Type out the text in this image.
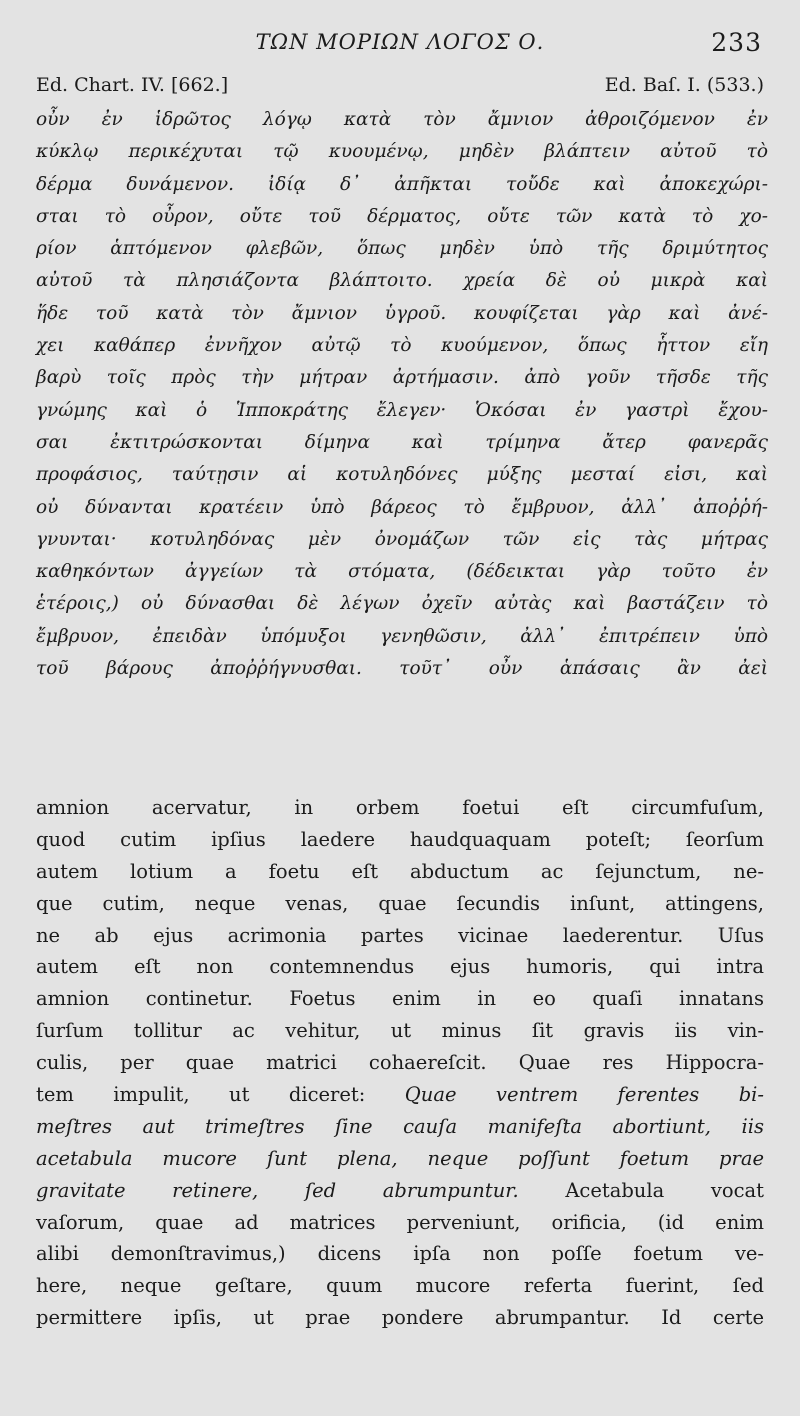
ΤΩΝ ΜΟΡΙΩΝ ΛΟΓΟΣ Ο.	233
Ed. Chart. IV. [662.]	Ed. Baſ. I. (533.)
οὖν ἐν ἱδρῶτος λόγῳ κατὰ τὸν ἄμνιον ἀθροιζόμενον ἐν
κύκλῳ περικέχυται τῷ κυουμένῳ, μηδὲν βλάπτειν αὐτοῦ τὸ
δέρμα δυνάμενον. ἰδίᾳ δ᾽ ἀπῆκται τοὔδε καὶ ἀποκεχώρι-
σται τὸ οὖρον, οὔτε τοῦ δέρματος, οὔτε τῶν κατὰ τὸ χο-
ρίον ἁπτόμενον φλεβῶν, ὅπως μηδὲν ὑπὸ τῆς δριμύτητος
αὐτοῦ τὰ πλησιάζοντα βλάπτοιτο. χρεία δὲ οὐ μικρὰ καὶ
ἥδε τοῦ κατὰ τὸν ἄμνιον ὑγροῦ. κουφίζεται γὰρ καὶ ἀνέ-
χει καθάπερ ἐννῆχον αὐτῷ τὸ κυούμενον, ὅπως ἧττον εἴη
βαρὺ τοῖς πρὸς τὴν μήτραν ἀρτήμασιν. ἀπὸ γοῦν τῆσδε τῆς
γνώμης καὶ ὁ Ἱπποκράτης ἔλεγεν· Ὁκόσαι ἐν γαστρὶ ἔχου-
σαι ἐκτιτρώσκονται δίμηνα καὶ τρίμηνα ἄτερ φανερᾶς
προφάσιος, ταύτῃσιν αἱ κοτυληδόνες μύξης μεσταί εἰσι, καὶ
οὐ δύνανται κρατέειν ὑπὸ βάρεος τὸ ἔμβρυον, ἀλλ᾽ ἀποῤῥή-
γνυνται· κοτυληδόνας μὲν ὀνομάζων τῶν εἰς τὰς μήτρας
καθηκόντων ἀγγείων τὰ στόματα, (δέδεικται γὰρ τοῦτο ἐν
ἑτέροις,) οὐ δύνασθαι δὲ λέγων ὀχεῖν αὐτὰς καὶ βαστάζειν τὸ
ἔμβρυον, ἐπειδὰν ὑπόμυξοι γενηθῶσιν, ἀλλ᾽ ἐπιτρέπειν ὑπὸ
τοῦ βάρους ἀποῤῥήγνυσθαι. τοῦτ᾽ οὖν ἁπάσαις ἂν ἀεὶ
amnion acervatur, in orbem foetui eſt circumfuſum,
quod cutim ipſius laedere haudquaquam poteſt; ſeorſum
autem lotium a foetu eſt abductum ac ſejunctum, ne-
que cutim, neque venas, quae ſecundis inſunt, attingens,
ne ab ejus acrimonia partes vicinae laederentur. Uſus
autem eſt non contemnendus ejus humoris, qui intra
amnion continetur. Foetus enim in eo quaſi innatans
ſurſum tollitur ac vehitur, ut minus ſit gravis iis vin-
culis, per quae matrici cohaereſcit. Quae res Hippocra-
tem impulit, ut diceret: Quae ventrem ferentes bi-
meſtres aut trimeſtres ſine cauſa manifeſta abortiunt, iis
acetabula mucore ſunt plena, neque poſſunt foetum prae
gravitate retinere, ſed abrumpuntur. Acetabula vocat
vaſorum, quae ad matrices perveniunt, orificia, (id enim
alibi demonſtravimus,) dicens ipſa non poſſe foetum ve-
here, neque geſtare, quum mucore referta fuerint, ſed
permittere ipſis, ut prae pondere abrumpantur. Id certe
